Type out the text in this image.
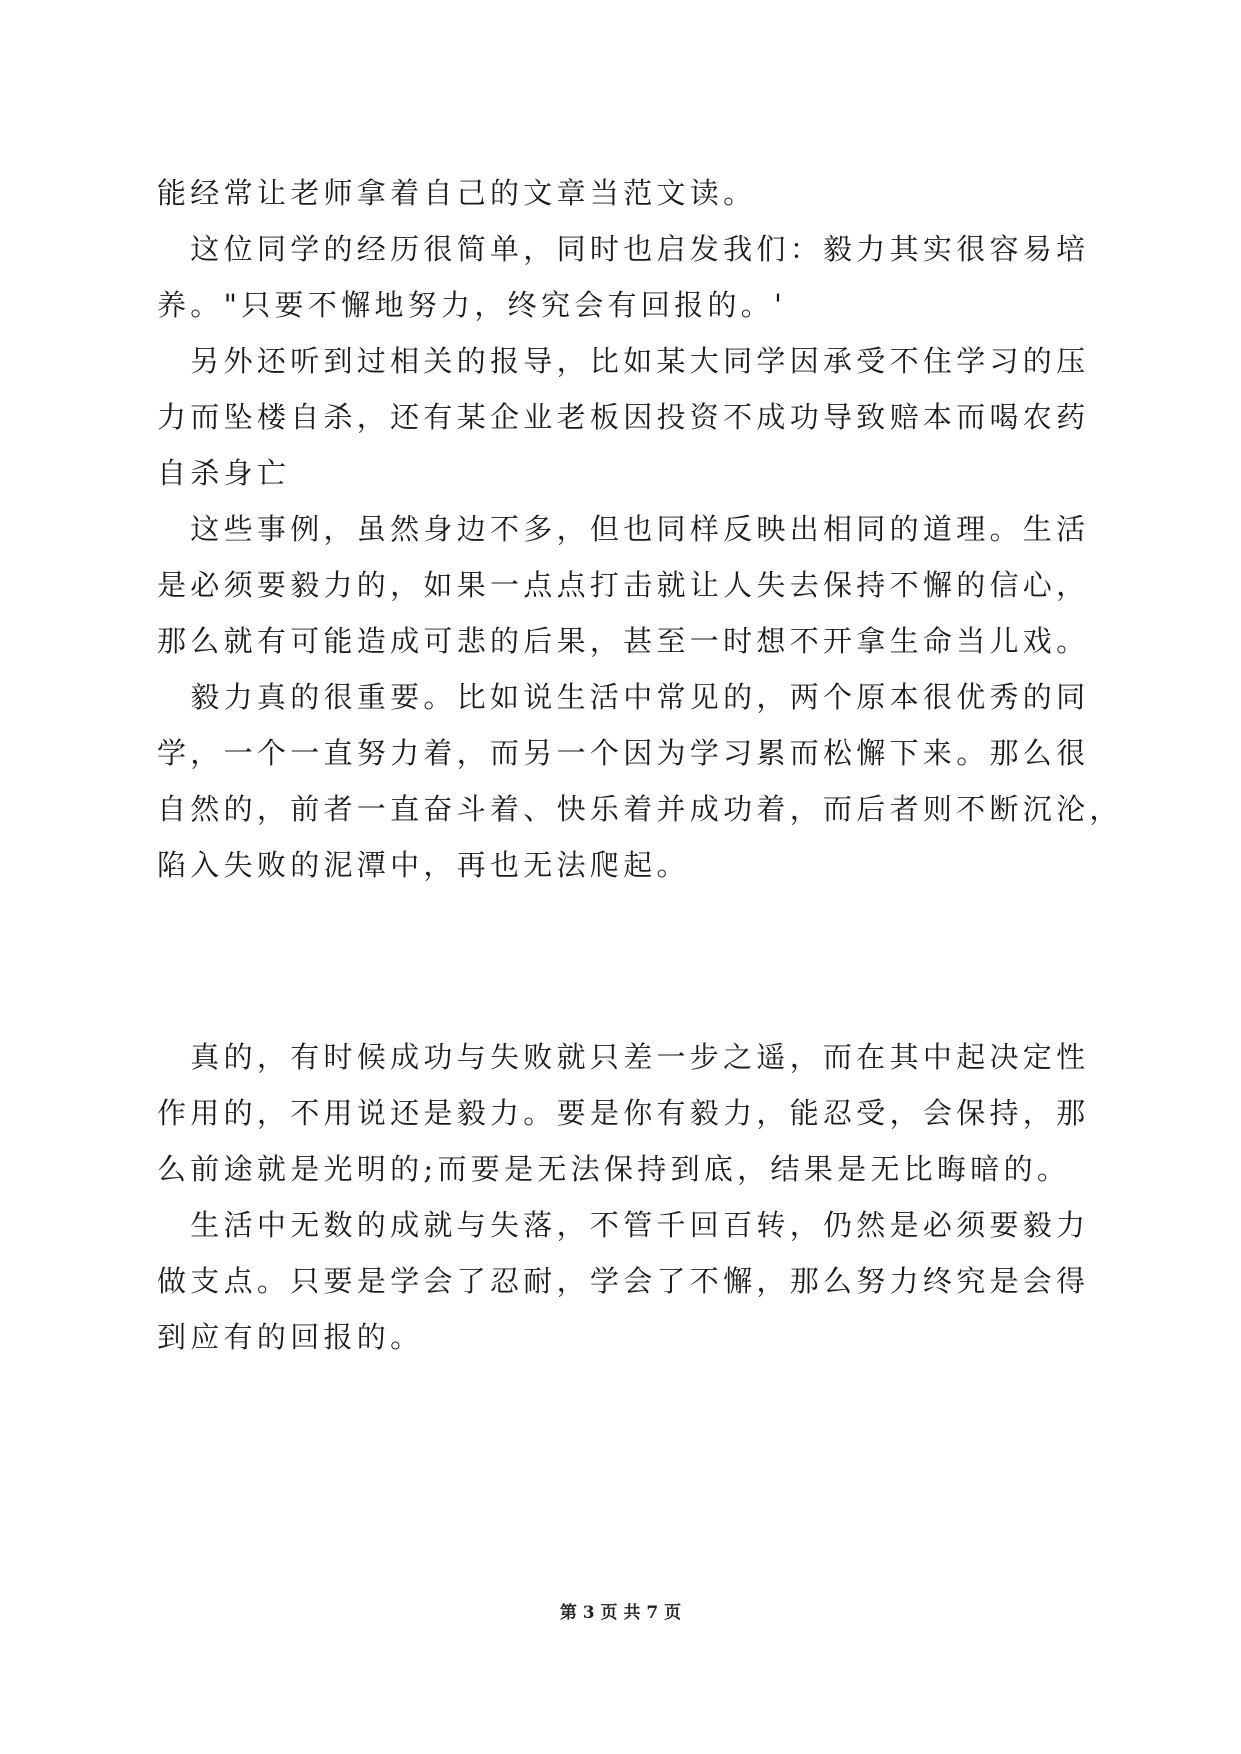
能经常让老师拿着自己的文章当范文读。
　这位同学的经历很简单，同时也启发我们：毅力其实很容易培
养。"只要不懈地努力，终究会有回报的。'
　另外还听到过相关的报导，比如某大同学因承受不住学习的压
力而坠楼自杀，还有某企业老板因投资不成功导致赔本而喝农药
自杀身亡
　这些事例，虽然身边不多，但也同样反映出相同的道理。生活
是必须要毅力的，如果一点点打击就让人失去保持不懈的信心，
那么就有可能造成可悲的后果，甚至一时想不开拿生命当儿戏。
　毅力真的很重要。比如说生活中常见的，两个原本很优秀的同
学，一个一直努力着，而另一个因为学习累而松懈下来。那么很
自然的，前者一直奋斗着、快乐着并成功着，而后者则不断沉沦，
陷入失败的泥潭中，再也无法爬起。
　真的，有时候成功与失败就只差一步之遥，而在其中起决定性
作用的，不用说还是毅力。要是你有毅力，能忍受，会保持，那
么前途就是光明的;而要是无法保持到底，结果是无比晦暗的。
　生活中无数的成就与失落，不管千回百转，仍然是必须要毅力
做支点。只要是学会了忍耐，学会了不懈，那么努力终究是会得
到应有的回报的。
第 3 页 共 7 页
